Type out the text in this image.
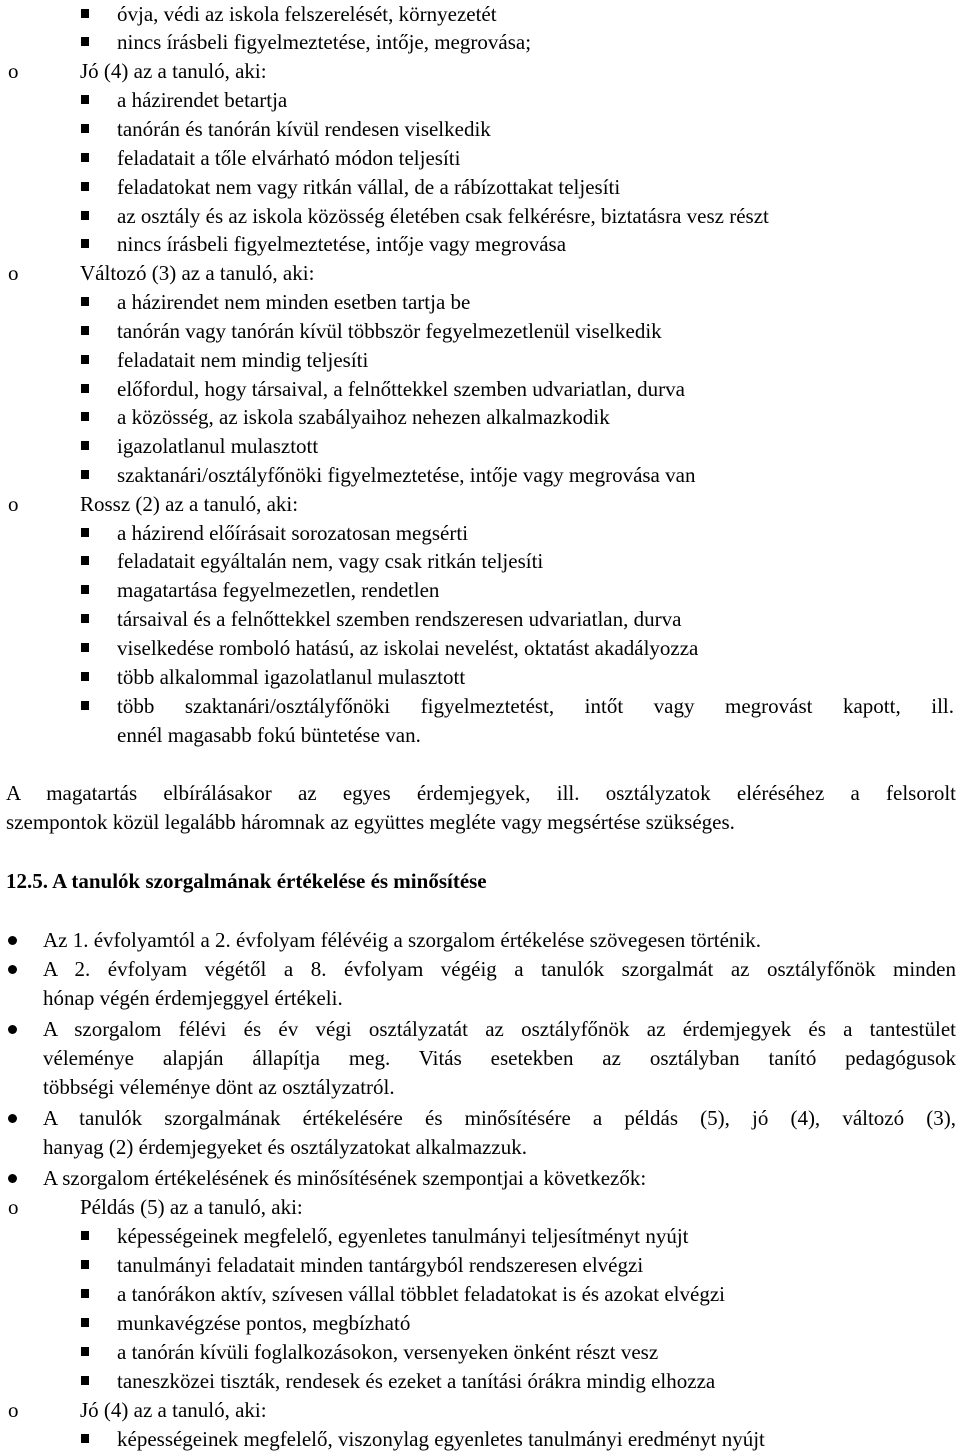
óvja, védi az iskola felszerelését, környezetét
nincs írásbeli figyelmeztetése, intője, megrovása;
o	Jó (4) az a tanuló, aki:
a házirendet betartja
tanórán és tanórán kívül rendesen viselkedik
feladatait a tőle elvárható módon teljesíti
feladatokat nem vagy ritkán vállal, de a rábízottakat teljesíti
az osztály és az iskola közösség életében csak felkérésre, biztatásra vesz részt
nincs írásbeli figyelmeztetése, intője vagy megrovása
o	Változó (3) az a tanuló, aki:
a házirendet nem minden esetben tartja be
tanórán vagy tanórán kívül többször fegyelmezetlenül viselkedik
feladatait nem mindig teljesíti
előfordul, hogy társaival, a felnőttekkel szemben udvariatlan, durva
a közösség, az iskola szabályaihoz nehezen alkalmazkodik
igazolatlanul mulasztott
szaktanári/osztályfőnöki figyelmeztetése, intője vagy megrovása van
o	Rossz (2) az a tanuló, aki:
a házirend előírásait sorozatosan megsérti
feladatait egyáltalán nem, vagy csak ritkán teljesíti
magatartása fegyelmezetlen, rendetlen
társaival és a felnőttekkel szemben rendszeresen udvariatlan, durva
viselkedése romboló hatású, az iskolai nevelést, oktatást akadályozza
több alkalommal igazolatlanul mulasztott
több szaktanári/osztályfőnöki figyelmeztetést, intőt vagy megrovást kapott, ill.
ennél magasabb fokú büntetése van.
A magatartás elbírálásakor az egyes érdemjegyek, ill. osztályzatok eléréséhez a felsorolt
szempontok közül legalább háromnak az együttes megléte vagy megsértése szükséges.
12.5. A tanulók szorgalmának értékelése és minősítése
Az 1. évfolyamtól a 2. évfolyam félévéig a szorgalom értékelése szövegesen történik.
A 2. évfolyam végétől a 8. évfolyam végéig a tanulók szorgalmát az osztályfőnök minden
hónap végén érdemjeggyel értékeli.
A szorgalom félévi és év végi osztályzatát az osztályfőnök az érdemjegyek és a tantestület
véleménye alapján állapítja meg. Vitás esetekben az osztályban tanító pedagógusok
többségi véleménye dönt az osztályzatról.
A tanulók szorgalmának értékelésére és minősítésére a példás (5), jó (4), változó (3),
hanyag (2) érdemjegyeket és osztályzatokat alkalmazzuk.
A szorgalom értékelésének és minősítésének szempontjai a következők:
o	Példás (5) az a tanuló, aki:
képességeinek megfelelő, egyenletes tanulmányi teljesítményt nyújt
tanulmányi feladatait minden tantárgyból rendszeresen elvégzi
a tanórákon aktív, szívesen vállal többlet feladatokat is és azokat elvégzi
munkavégzése pontos, megbízható
a tanórán kívüli foglalkozásokon, versenyeken önként részt vesz
taneszközei tiszták, rendesek és ezeket a tanítási órákra mindig elhozza
o	Jó (4) az a tanuló, aki:
képességeinek megfelelő, viszonylag egyenletes tanulmányi eredményt nyújt
